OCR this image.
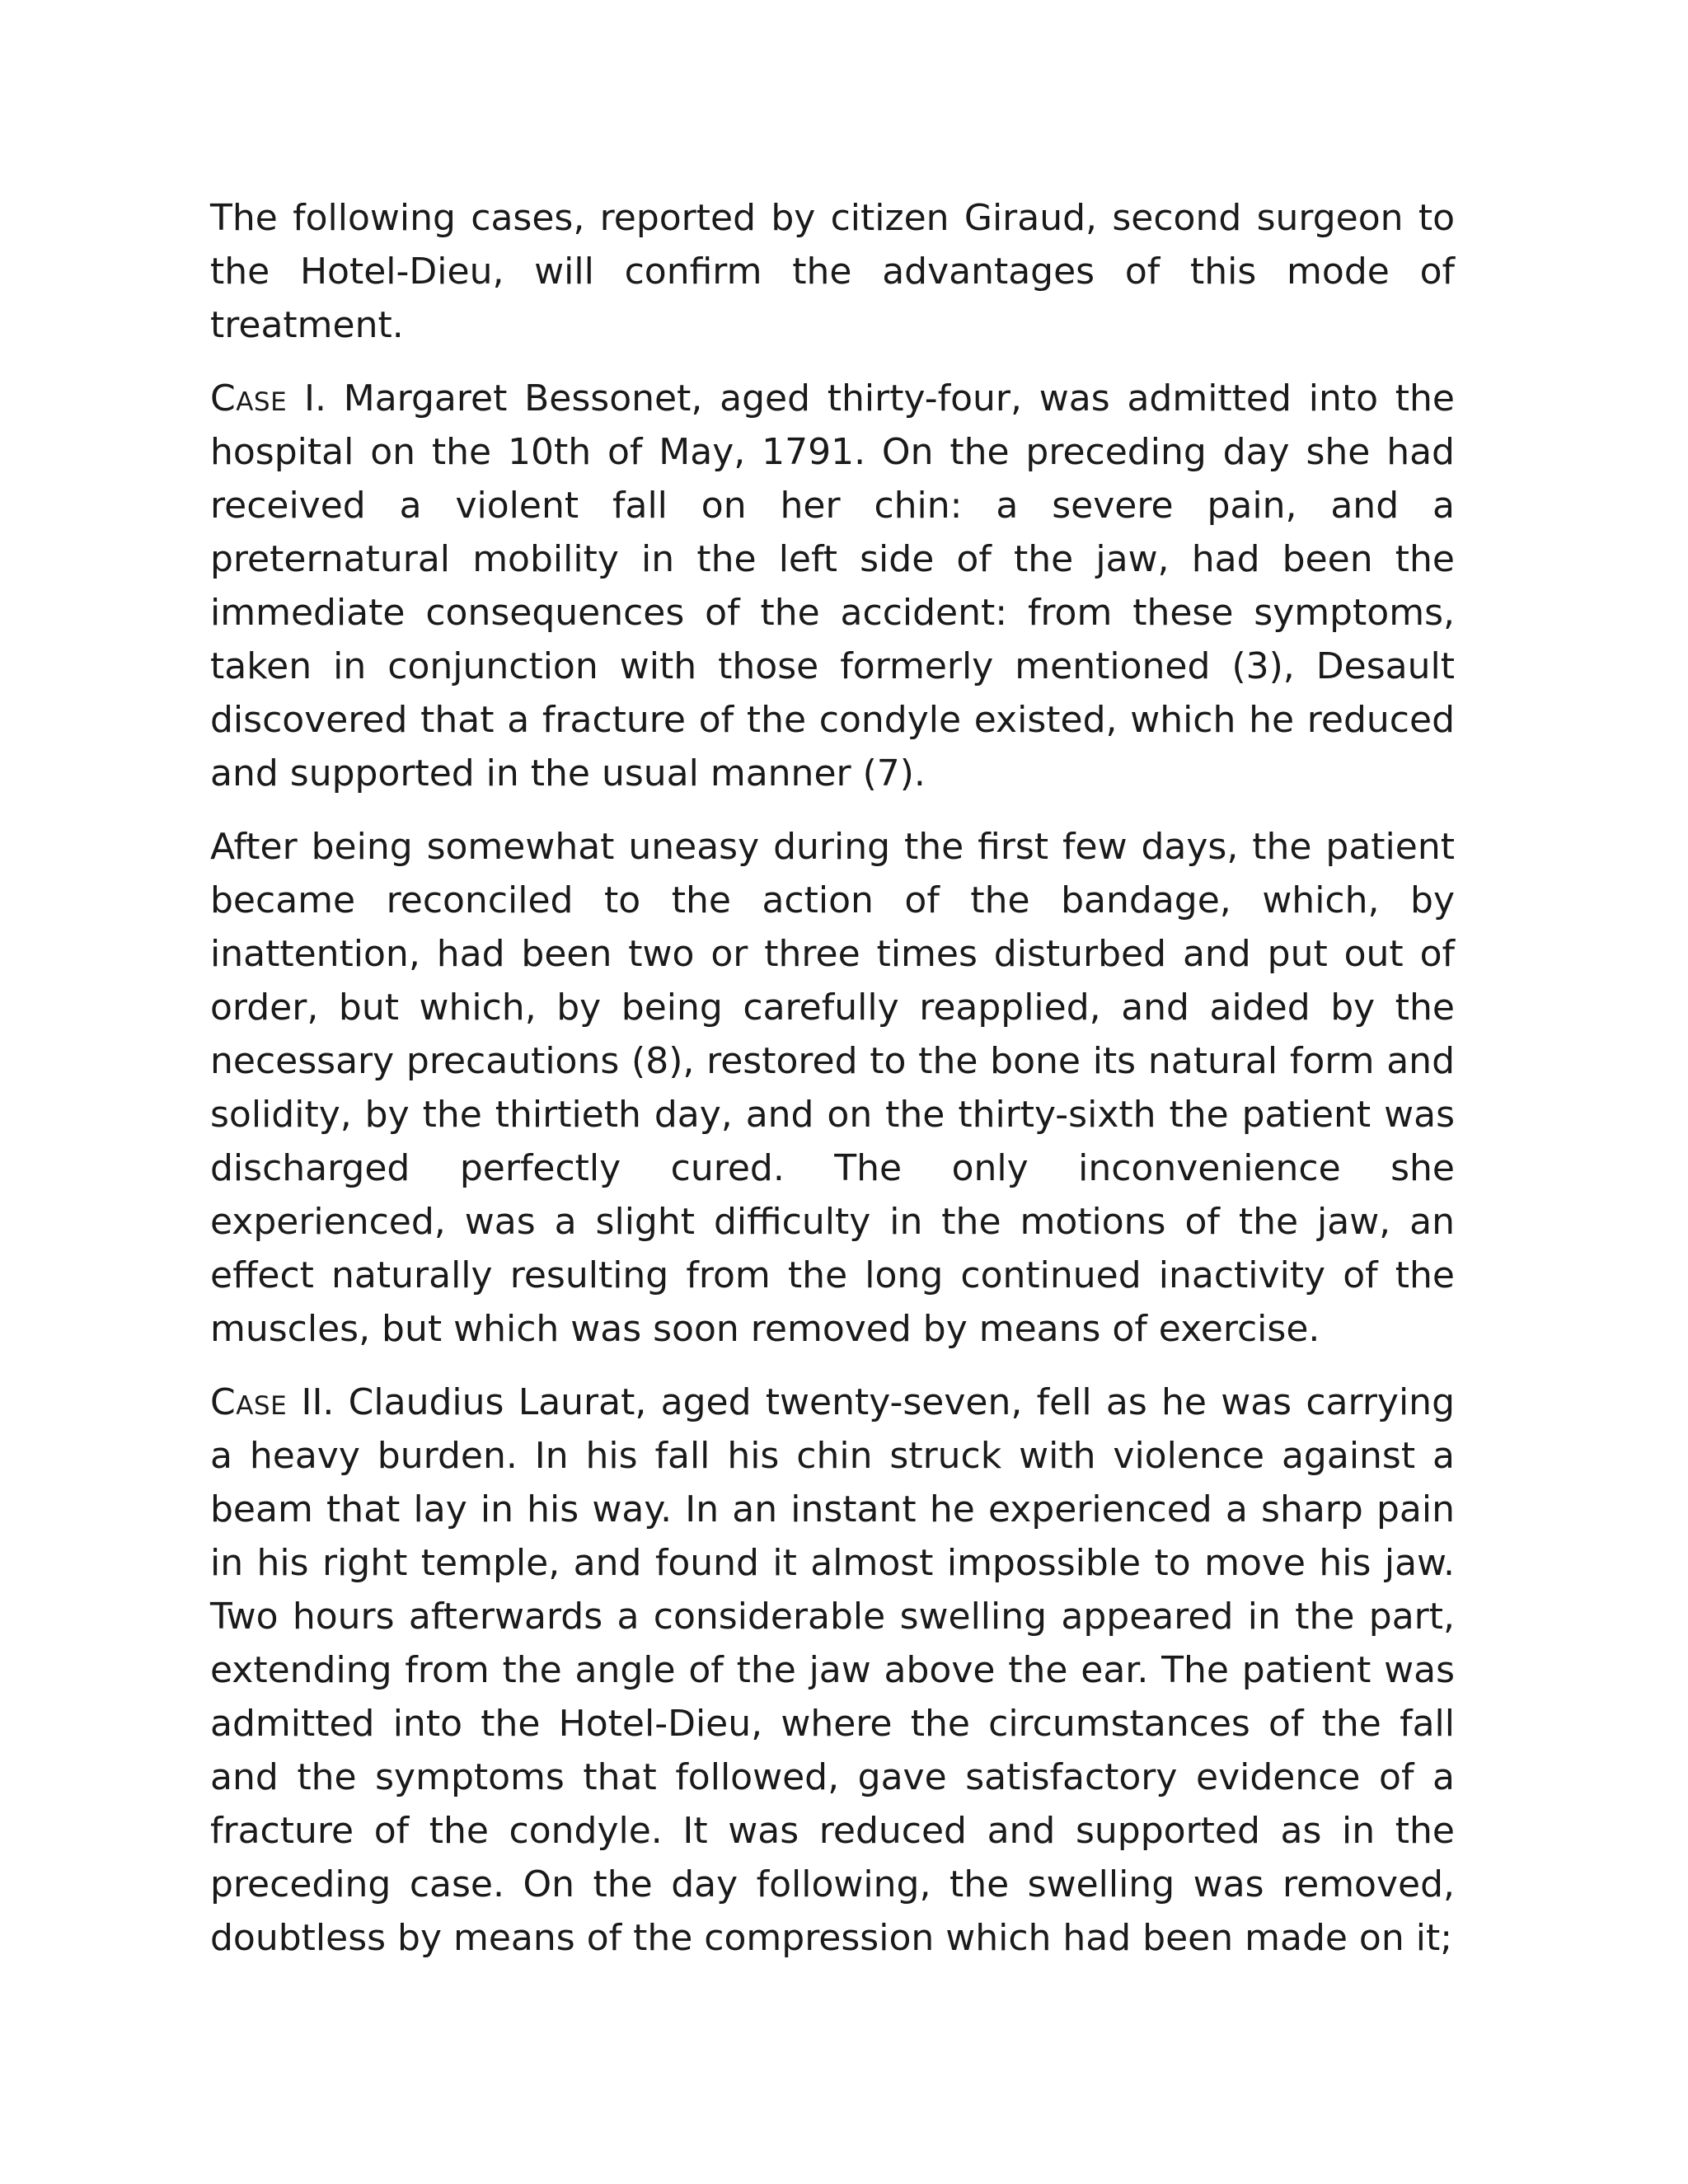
The following cases, reported by citizen Giraud, second surgeon to the Hotel-Dieu, will confirm the advantages of this mode of treatment.

Case I. Margaret Bessonet, aged thirty-four, was admitted into the hospital on the 10th of May, 1791. On the preceding day she had received a violent fall on her chin: a severe pain, and a preternatural mobility in the left side of the jaw, had been the immediate consequences of the accident: from these symptoms, taken in conjunction with those formerly mentioned (3), Desault discovered that a fracture of the condyle existed, which he reduced and supported in the usual manner (7).

After being somewhat uneasy during the first few days, the patient became reconciled to the action of the bandage, which, by inattention, had been two or three times disturbed and put out of order, but which, by being carefully reapplied, and aided by the necessary precautions (8), restored to the bone its natural form and solidity, by the thirtieth day, and on the thirty-sixth the patient was discharged perfectly cured. The only inconvenience she experienced, was a slight difficulty in the motions of the jaw, an effect naturally resulting from the long continued inactivity of the muscles, but which was soon removed by means of exercise.

Case II. Claudius Laurat, aged twenty-seven, fell as he was carrying a heavy burden. In his fall his chin struck with violence against a beam that lay in his way. In an instant he experienced a sharp pain in his right temple, and found it almost impossible to move his jaw. Two hours afterwards a considerable swelling appeared in the part, extending from the angle of the jaw above the ear. The patient was admitted into the Hotel-Dieu, where the circumstances of the fall and the symptoms that followed, gave satisfactory evidence of a fracture of the condyle. It was reduced and supported as in the preceding case. On the day following, the swelling was removed, doubtless by means of the compression which had been made on it;
